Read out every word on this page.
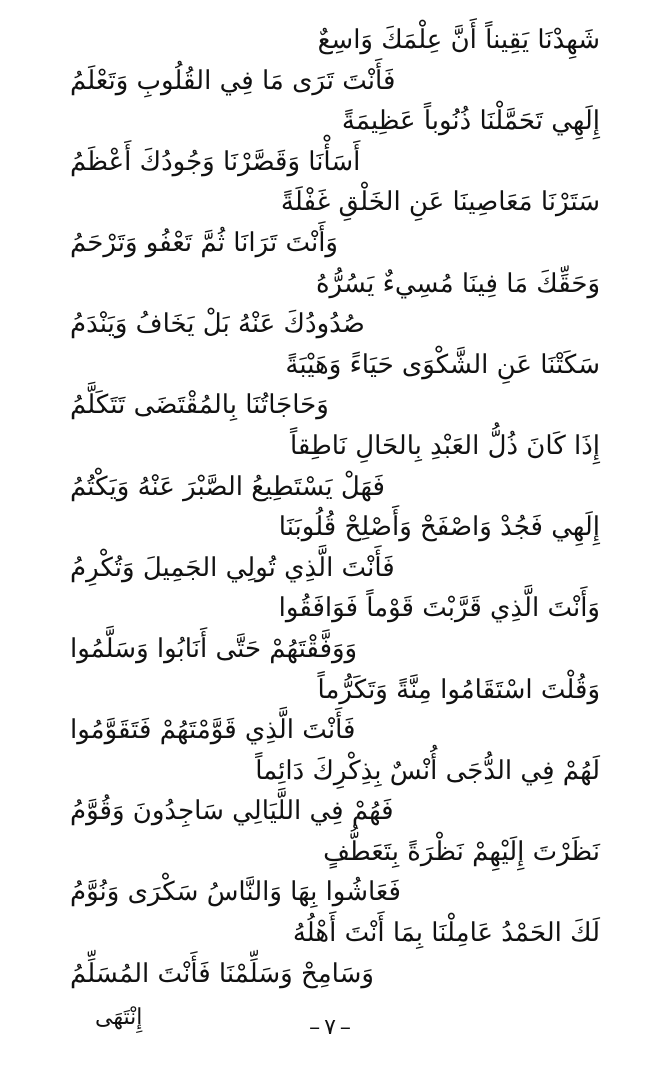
شَهِدْنَا يَقِيناً أَنَّ عِلْمَكَ وَاسِعٌ
فَأَنْتَ تَرَى مَا فِي القُلُوبِ وَتَعْلَمُ
إِلَهِي تَحَمَّلْنَا ذُنُوباً عَظِيمَةً
أَسَأْنَا وَقَصَّرْنَا وَجُودُكَ أَعْظَمُ
سَتَرْنَا مَعَاصِينَا عَنِ الخَلْقِ غَفْلَةً
وَأَنْتَ تَرَانَا ثُمَّ تَعْفُو وَتَرْحَمُ
وَحَقِّكَ مَا فِينَا مُسِيءٌ يَسُرُّهُ
صُدُودُكَ عَنْهُ بَلْ يَخَافُ وَيَنْدَمُ
سَكَتْنَا عَنِ الشَّكْوَى حَيَاءً وَهَيْبَةً
وَحَاجَاتُنَا بِالمُقْتَضَى تَتَكَلَّمُ
إِذَا كَانَ ذُلُّ العَبْدِ بِالحَالِ نَاطِقاً
فَهَلْ يَسْتَطِيعُ الصَّبْرَ عَنْهُ وَيَكْتُمُ
إِلَهِي فَجُدْ وَاصْفَحْ وَأَصْلِحْ قُلُوبَنَا
فَأَنْتَ الَّذِي تُولِي الجَمِيلَ وَتُكْرِمُ
وَأَنْتَ الَّذِي قَرَّبْتَ قَوْماً فَوَافَقُوا
وَوَفَّقْتَهُمْ حَتَّى أَنَابُوا وَسَلَّمُوا
وَقُلْتَ اسْتَقَامُوا مِنَّةً وَتَكَرُّماً
فَأَنْتَ الَّذِي قَوَّمْتَهُمْ فَتَقَوَّمُوا
لَهُمْ فِي الدُّجَى أُنْسٌ بِذِكْرِكَ دَائِماً
فَهُمْ فِي اللَّيَالِي سَاجِدُونَ وَقُوَّمُ
نَظَرْتَ إِلَيْهِمْ نَظْرَةً بِتَعَطُّفٍ
فَعَاشُوا بِهَا وَالنَّاسُ سَكْرَى وَنُوَّمُ
لَكَ الحَمْدُ عَامِلْنَا بِمَا أَنْتَ أَهْلُهُ
وَسَامِحْ وَسَلِّمْنَا فَأَنْتَ المُسَلِّمُ
إِنْتَهَى	–٧–
